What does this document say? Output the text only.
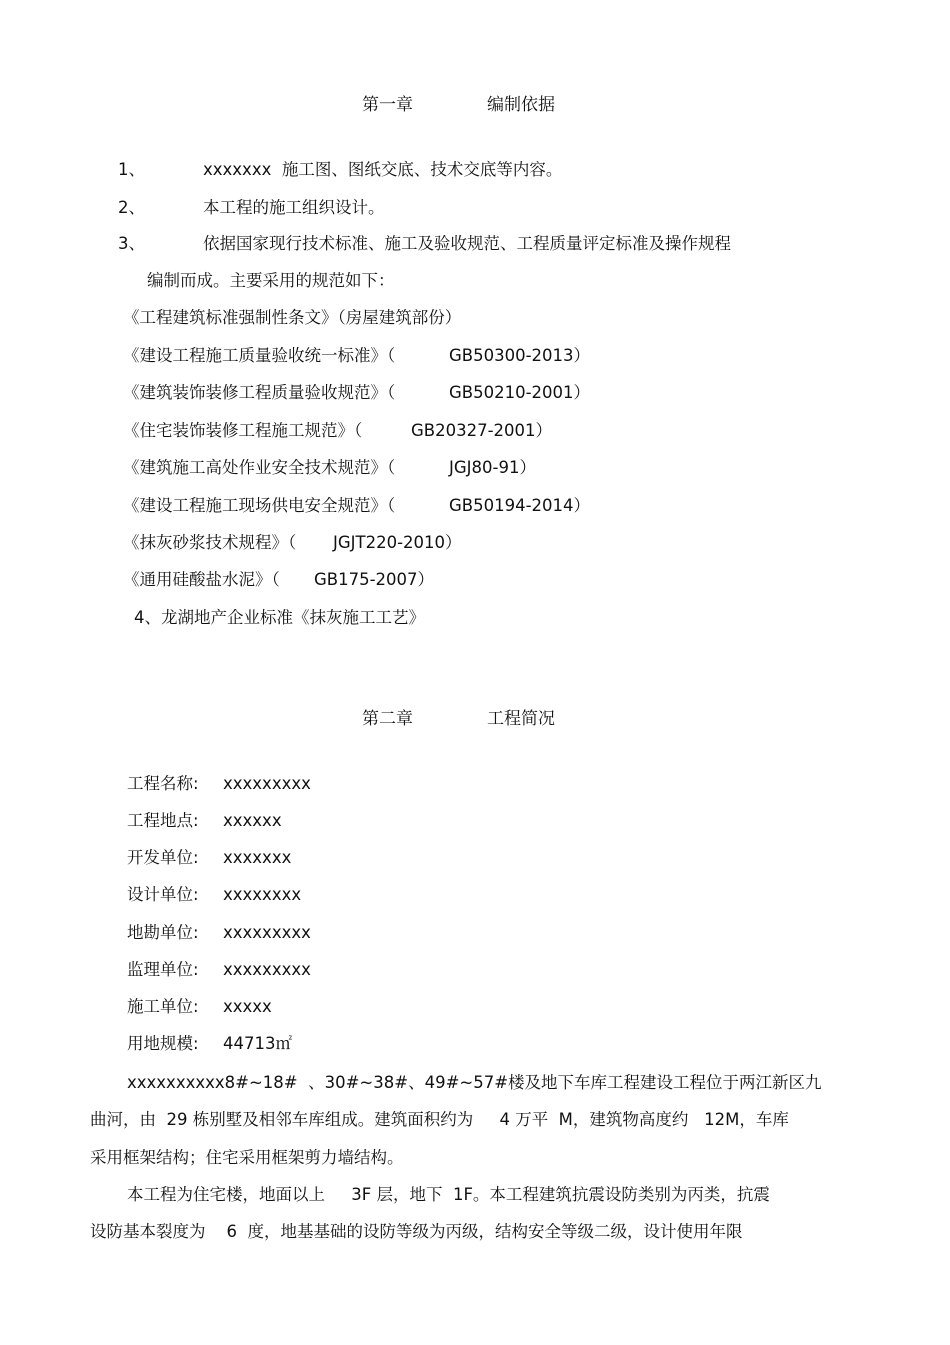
第一章	编制依据
1、	xxxxxxx  施工图、图纸交底、技术交底等内容。
2、	本工程的施工组织设计。
3、	依据国家现行技术标准、施工及验收规范、工程质量评定标准及操作规程
编制而成。主要采用的规范如下：
《工程建筑标准强制性条文》（房屋建筑部份）
《建设工程施工质量验收统一标准》（	GB50300-2013）
《建筑装饰装修工程质量验收规范》（	GB50210-2001）
《住宅装饰装修工程施工规范》（	GB20327-2001）
《建筑施工高处作业安全技术规范》（	JGJ80-91）
《建设工程施工现场供电安全规范》（	GB50194-2014）
《抹灰砂浆技术规程》（ JGJT220-2010）
《通用硅酸盐水泥》（ GB175-2007）
4、龙湖地产企业标准《抹灰施工工艺》
第二章	工程简况
工程名称: xxxxxxxxx
工程地点: xxxxxx
开发单位: xxxxxxx
设计单位: xxxxxxxx
地勘单位: xxxxxxxxx
监理单位: xxxxxxxxx
施工单位: xxxxx
用地规模: 44713㎡
xxxxxxxxxx8#~18#  、30#~38#、49#~57#楼及地下车库工程建设工程位于两江新区九
曲河，由  29 栋别墅及相邻车库组成。建筑面积约为     4 万平  M，建筑物高度约   12M，车库
采用框架结构；住宅采用框架剪力墙结构。
本工程为住宅楼，地面以上     3F 层，地下  1F。本工程建筑抗震设防类别为丙类，抗震
设防基本裂度为    6  度，地基基础的设防等级为丙级，结构安全等级二级，设计使用年限
